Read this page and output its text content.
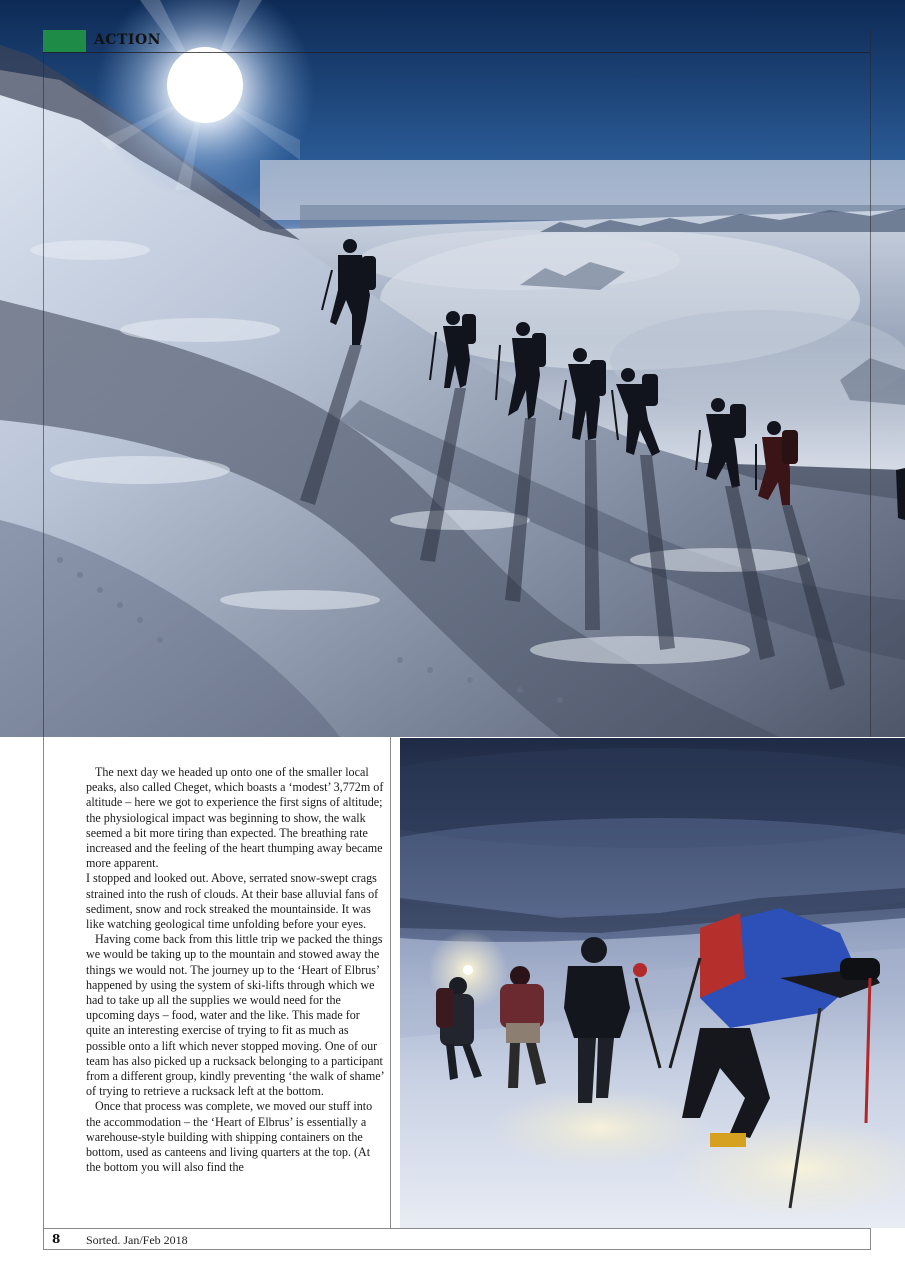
ACTION

The next day we headed up onto one of the smaller local peaks, also called Cheget, which boasts a ‘modest’ 3,772m of altitude – here we got to experience the first signs of altitude; the physiological impact was beginning to show, the walk seemed a bit more tiring than expected. The breathing rate increased and the feeling of the heart thumping away became more apparent.

I stopped and looked out. Above, serrated snow-swept crags strained into the rush of clouds. At their base alluvial fans of sediment, snow and rock streaked the mountainside. It was like watching geological time unfolding before your eyes.

Having come back from this little trip we packed the things we would be taking up to the mountain and stowed away the things we would not. The journey up to the ‘Heart of Elbrus’ happened by using the system of ski-lifts through which we had to take up all the supplies we would need for the upcoming days – food, water and the like. This made for quite an interesting exercise of trying to fit as much as possible onto a lift which never stopped moving. One of our team has also picked up a rucksack belonging to a participant from a different group, kindly preventing ‘the walk of shame’ of trying to retrieve a rucksack left at the bottom.

Once that process was complete, we moved our stuff into the accommodation – the ‘Heart of Elbrus’ is essentially a warehouse-style building with shipping containers on the bottom, used as canteens and living quarters at the top. (At the bottom you will also find the

8 Sorted. Jan/Feb 2018
